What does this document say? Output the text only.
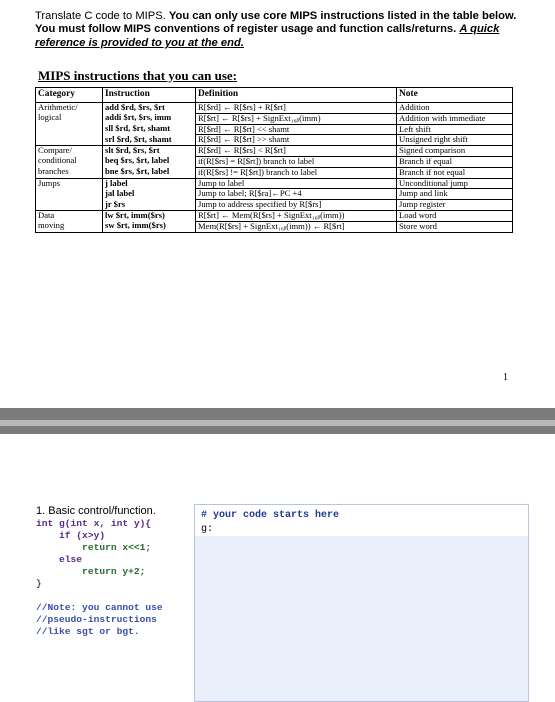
Translate C code to MIPS. You can only use core MIPS instructions listed in the table below. You must follow MIPS conventions of register usage and function calls/returns. A quick reference is provided to you at the end.
MIPS instructions that you can use:
Category	Instruction	Definition	Note
Arithmetic/	add $rd, $rs, $rt	R[$rd] ← R[$rs] + R[$rt]	Addition
logical	addi $rt, $rs, imm	R[$rt] ← R[$rs] + SignExt₁₆ᵦ(imm)	Addition with immediate
	sll $rd, $rt, shamt	R[$rd] ← R[$rt] << shamt	Left shift
	srl $rd, $rt, shamt	R[$rd] ← R[$rt] >> shamt	Unsigned right shift
Compare/	slt $rd, $rs, $rt	R[$rd] ← R[$rs] < R[$rt]	Signed comparison
conditional	beq $rs, $rt, label	if(R[$rs] = R[$rt]) branch to label	Branch if equal
branches	bne $rs, $rt, label	if(R[$rs] != R[$rt]) branch to label	Branch if not equal
Jumps	j label	Jump to label	Unconditional jump
	jal label	Jump to label; R[$ra]←PC +4	Jump and link
	jr $rs	Jump to address specified by R[$rs]	Jump register
Data	lw $rt, imm($rs)	R[$rt] ← Mem(R[$rs] + SignExt₁₆ᵦ(imm))	Load word
moving	sw $rt, imm($rs)	Mem(R[$rs] + SignExt₁₆ᵦ(imm)) ← R[$rt]	Store word
1
1. Basic control/function.
int g(int x, int y){
if (x>y)
return x<<1;
else
return y+2;
}

//Note: you cannot use
//pseudo-instructions
//like sgt or bgt.
# your code starts here
g:
